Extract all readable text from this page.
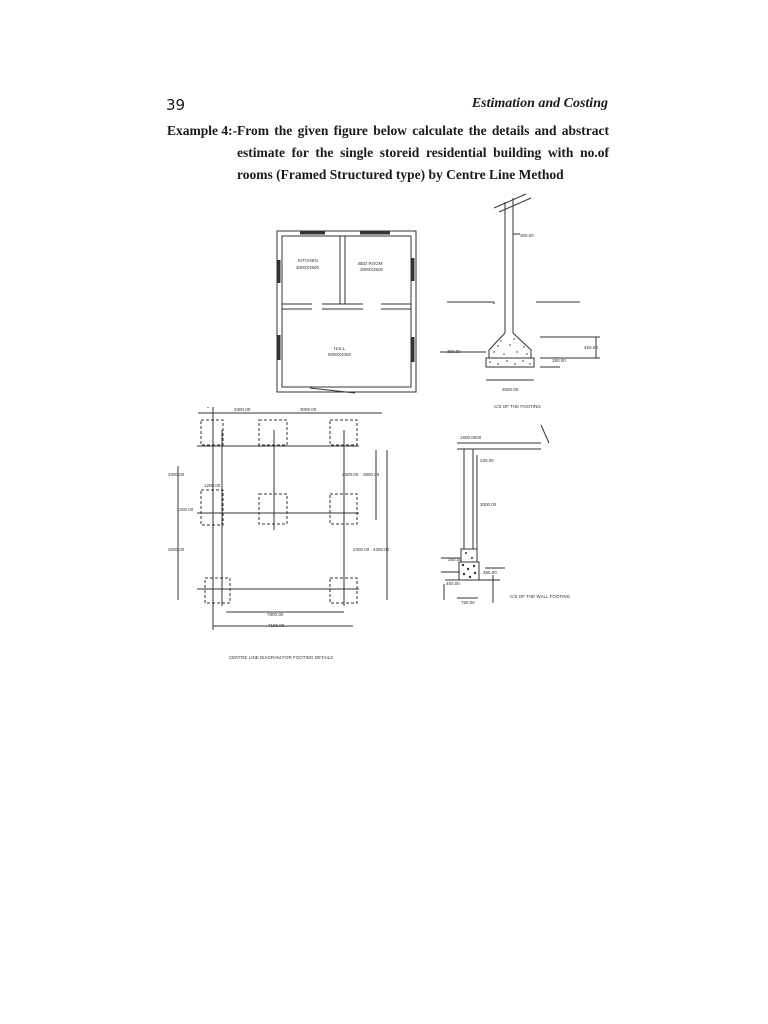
39	Estimation and Costing
Example 4:- From the given figure below calculate the details and abstract estimate for the single storeid residential building with no.of rooms (Framed Structured type) by Centre Line Method
KITCHEN
3000X3500
BED ROOM
3000X3500
HALL
6000X4000
300.00
300.00
450.00
150.00
2500.00
C/S OF THE FOOTING
3300.00	3000.00
3300.00	3800.00
1200.00
2300.00
1000.00
2500.00	2300.00 4300.00
7800.00
7100.00
CENTRE LINE DIAGRAM FOR FOOTING DETAILS
1600.0000
230.00
3000.00
350.00
350.00
450.00
750.00
C/S OF THE WALL FOOTING
